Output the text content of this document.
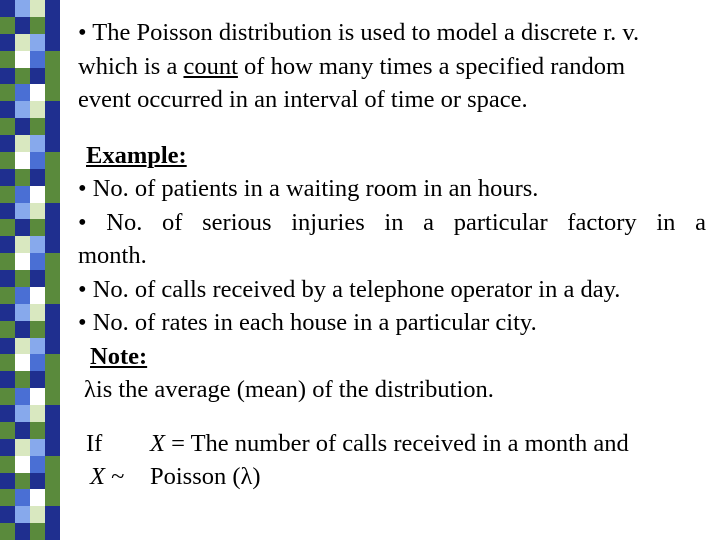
• The Poisson distribution is used to model a discrete r. v.
which is a count of how many times a specified random
event occurred in an interval of time or space.
Example:
• No. of patients in a waiting room in an hours.
• No. of serious injuries in a particular factory in a
month.
• No. of calls received by a telephone operator in a day.
• No. of rates in each house in a particular city.
Note:
λis the average (mean) of the distribution.
If X = The number of calls received in a month and
X ~ Poisson (λ)
